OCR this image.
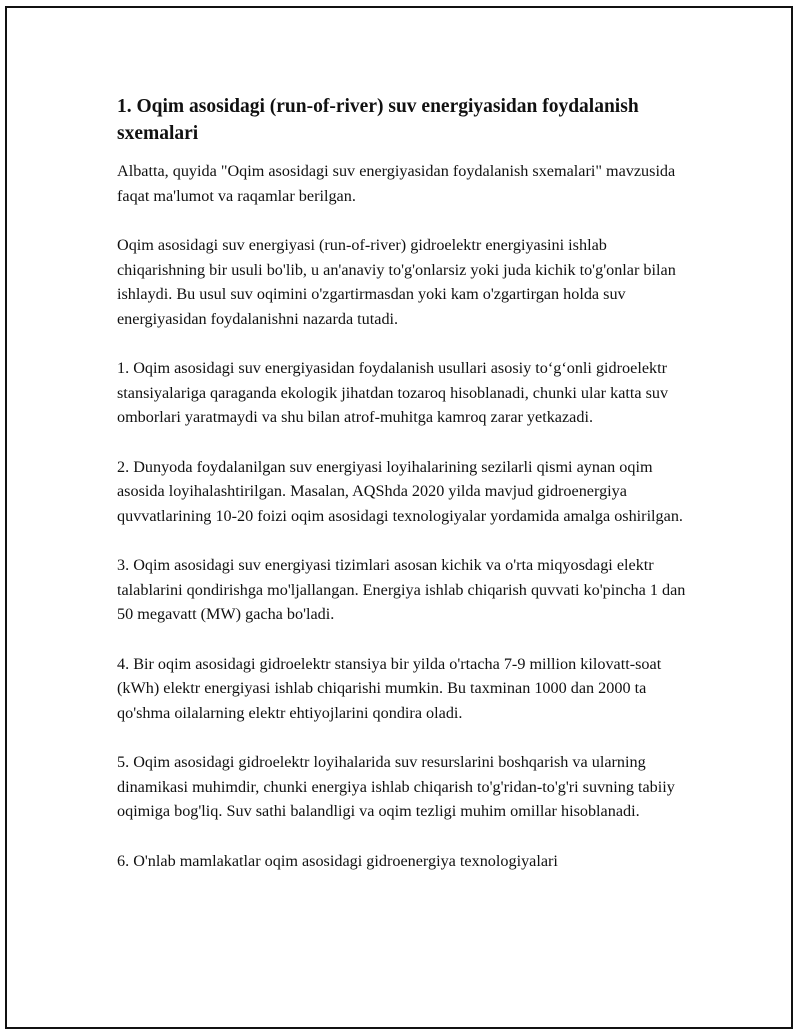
1. Oqim asosidagi (run-of-river) suv energiyasidan foydalanish sxemalari

Albatta, quyida "Oqim asosidagi suv energiyasidan foydalanish sxemalari" mavzusida faqat ma'lumot va raqamlar berilgan.

Oqim asosidagi suv energiyasi (run-of-river) gidroelektr energiyasini ishlab chiqarishning bir usuli bo'lib, u an'anaviy to'g'onlarsiz yoki juda kichik to'g'onlar bilan ishlaydi. Bu usul suv oqimini o'zgartirmasdan yoki kam o'zgartirgan holda suv energiyasidan foydalanishni nazarda tutadi.

1. Oqim asosidagi suv energiyasidan foydalanish usullari asosiy to‘g‘onli gidroelektr stansiyalariga qaraganda ekologik jihatdan tozaroq hisoblanadi, chunki ular katta suv omborlari yaratmaydi va shu bilan atrof-muhitga kamroq zarar yetkazadi.

2. Dunyoda foydalanilgan suv energiyasi loyihalarining sezilarli qismi aynan oqim asosida loyihalashtirilgan. Masalan, AQShda 2020 yilda mavjud gidroenergiya quvvatlarining 10-20 foizi oqim asosidagi texnologiyalar yordamida amalga oshirilgan.

3. Oqim asosidagi suv energiyasi tizimlari asosan kichik va o'rta miqyosdagi elektr talablarini qondirishga mo'ljallangan. Energiya ishlab chiqarish quvvati ko'pincha 1 dan 50 megavatt (MW) gacha bo'ladi.

4. Bir oqim asosidagi gidroelektr stansiya bir yilda o'rtacha 7-9 million kilovatt-soat (kWh) elektr energiyasi ishlab chiqarishi mumkin. Bu taxminan 1000 dan 2000 ta qo'shma oilalarning elektr ehtiyojlarini qondira oladi.

5. Oqim asosidagi gidroelektr loyihalarida suv resurslarini boshqarish va ularning dinamikasi muhimdir, chunki energiya ishlab chiqarish to'g'ridan-to'g'ri suvning tabiiy oqimiga bog'liq. Suv sathi balandligi va oqim tezligi muhim omillar hisoblanadi.

6. O'nlab mamlakatlar oqim asosidagi gidroenergiya texnologiyalari
